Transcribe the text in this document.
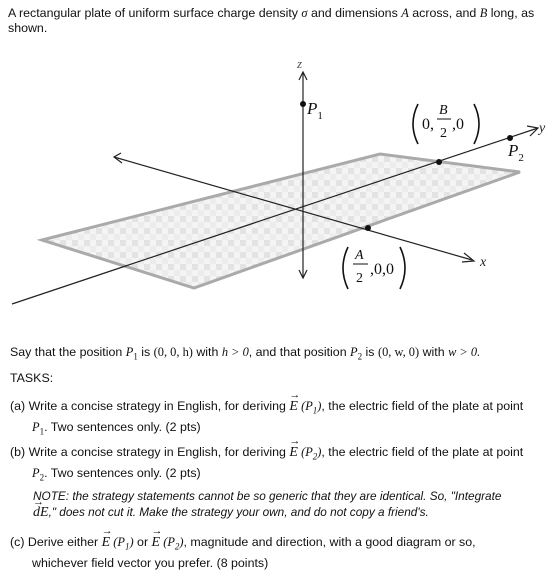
A rectangular plate of uniform surface charge density σ and dimensions A across, and B long, as shown.
z
y
x
$P_1$
$P_2$
0,
B
2
,0
A
2
,0,0
Say that the position $P_1$ is (0, 0, h) with h > 0, and that position $P_2$ is (0, w, 0) with w > 0.
TASKS:
(a) Write a concise strategy in English, for deriving → E $(P_1)$, the electric field of the plate at point
$P_1$. Two sentences only. (2 pts)
(b) Write a concise strategy in English, for deriving → E $(P_2)$, the electric field of the plate at point
$P_2$. Two sentences only. (2 pts)
NOTE: the strategy statements cannot be so generic that they are identical. So, "Integrate
→ dE," does not cut it. Make the strategy your own, and do not copy a friend's.
(c) Derive either → E $(P_1)$ or → E $(P_2)$, magnitude and direction, with a good diagram or so,
whichever field vector you prefer. (8 points)
